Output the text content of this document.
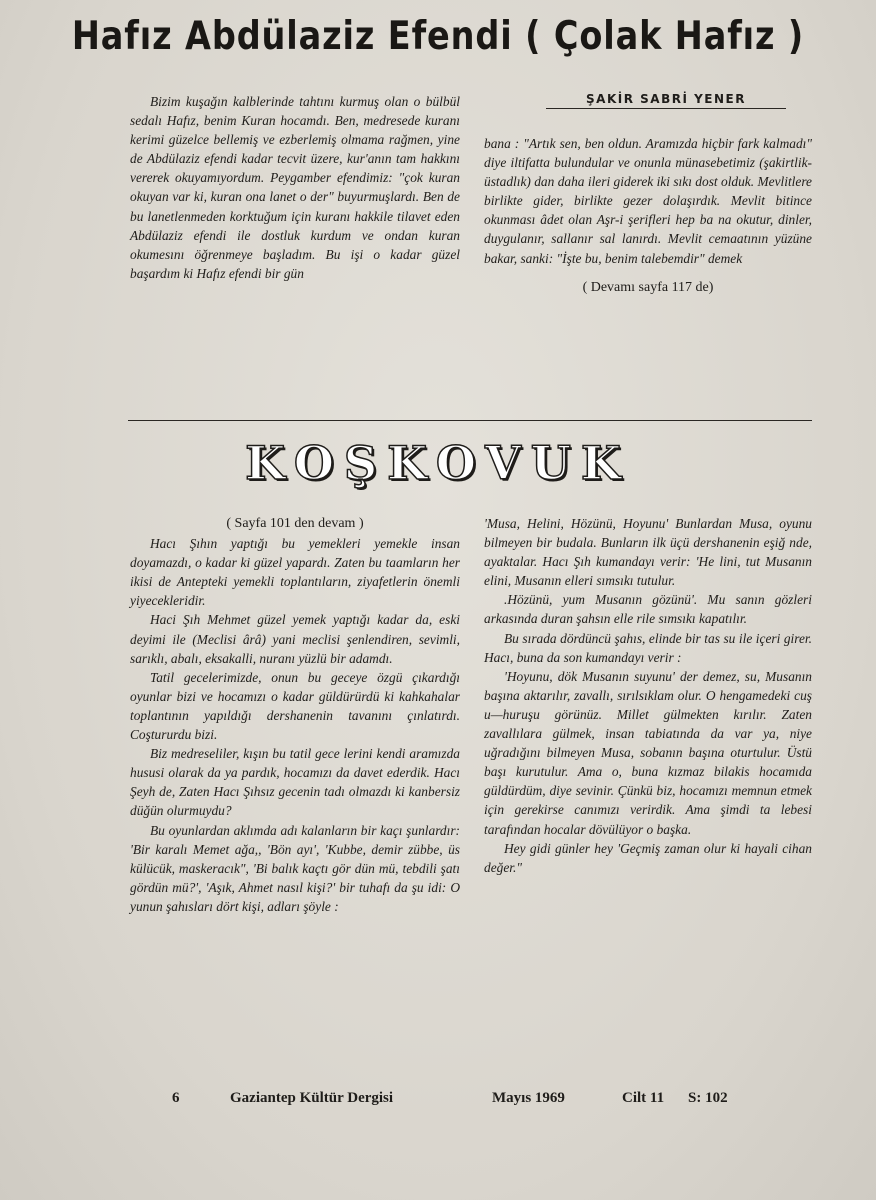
Hafız Abdülaziz Efendi ( Çolak Hafız )

Bizim kuşağın kalblerinde tahtını kurmuş olan o bülbül sedalı Hafız, benim Kuran hocamdı. Ben, medresede kuranı kerimi güzelce bellemiş ve ezberlemiş olmama rağmen, yine de Abdülaziz efendi kadar tecvit üzere, kur'anın tam hakkını vererek okuyamıyordum. Peygamber efendimiz: "çok kuran okuyan var ki, kuran ona lanet o der" buyurmuşlardı. Ben de bu lanetlenmeden korktuğum için kuranı hakkile tilavet eden Abdülaziz efendi ile dostluk kurdum ve ondan kuran okumesını öğrenmeye başladım. Bu işi o kadar güzel başardım ki Hafız efendi bir gün

ŞAKİR SABRİ YENER

bana : "Artık sen, ben oldun. Aramızda hiçbir fark kalmadı" diye iltifatta bulundular ve onunla münasebetimiz (şakirtlik-üstadlık) dan daha ileri giderek iki sıkı dost olduk. Mevlitlere birlikte gider, birlikte gezer dolaşırdık. Mevlit bitince okunması âdet olan Aşr-i şerifleri hep ba na okutur, dinler, duygulanır, sallanır sal lanırdı. Mevlit cemaatının yüzüne bakar, sanki: "İşte bu, benim talebemdir" demek

( Devamı sayfa 117 de)

KOŞKOVUK

( Sayfa 101 den devam )

Hacı Şıhın yaptığı bu yemekleri yemekle insan doyamazdı, o kadar ki güzel yapardı. Zaten bu taamların her ikisi de Antepteki yemekli toplantıların, ziyafetlerin önemli yiyecekleridir.

Haci Şıh Mehmet güzel yemek yaptığı kadar da, eski deyimi ile (Meclisi ârâ) yani meclisi şenlendiren, sevimli, sarıklı, abalı, eksakalli, nuranı yüzlü bir adamdı.

Tatil gecelerimizde, onun bu geceye özgü çıkardığı oyunlar bizi ve hocamızı o kadar güldürürdü ki kahkahalar toplantının yapıldığı dershanenin tavanını çınlatırdı. Coştururdu bizi.

Biz medreseliler, kışın bu tatil gece lerini kendi aramızda hususi olarak da ya pardık, hocamızı da davet ederdik. Hacı Şeyh de, Zaten Hacı Şıhsız gecenin tadı olmazdı ki kanbersiz düğün olurmuydu?

Bu oyunlardan aklımda adı kalanların bir kaçı şunlardır: 'Bir karalı Memet ağa,, 'Bön ayı', 'Kubbe, demir zübbe, üs külücük, maskeracık", 'Bi balık kaçtı gör dün mü, tebdili şatı gördün mü?', 'Aşık, Ahmet nasıl kişi?' bir tuhafı da şu idi: O yunun şahısları dört kişi, adları şöyle :

'Musa, Helini, Hözünü, Hoyunu' Bunlardan Musa, oyunu bilmeyen bir budala. Bunların ilk üçü dershanenin eşiğ nde, ayaktalar. Hacı Şıh kumandayı verir: 'He lini, tut Musanın elini, Musanın elleri sımsıkı tutulur.

.Hözünü, yum Musanın gözünü'. Mu sanın gözleri arkasında duran şahsın elle rile sımsıkı kapatılır.

Bu sırada dördüncü şahıs, elinde bir tas su ile içeri girer. Hacı, buna da son kumandayı verir :

'Hoyunu, dök Musanın suyunu' der demez, su, Musanın başına aktarılır, zavallı, sırılsıklam olur. O hengamedeki cuş u—huruşu görünüz. Millet gülmekten kırılır. Zaten zavallılara gülmek, insan tabiatında da var ya, niye uğradığını bilmeyen Musa, sobanın başına oturtulur. Üstü başı kurutulur. Ama o, buna kızmaz bilakis hocamıda güldürdüm, diye sevinir. Çünkü biz, hocamızı memnun etmek için gerekirse canımızı verirdik. Ama şimdi ta lebesi tarafından hocalar dövülüyor o başka.

Hey gidi günler hey 'Geçmiş zaman olur ki hayali cihan değer."

6	Gaziantep Kültür Dergisi	Mayıs 1969	Cilt 11 S: 102
